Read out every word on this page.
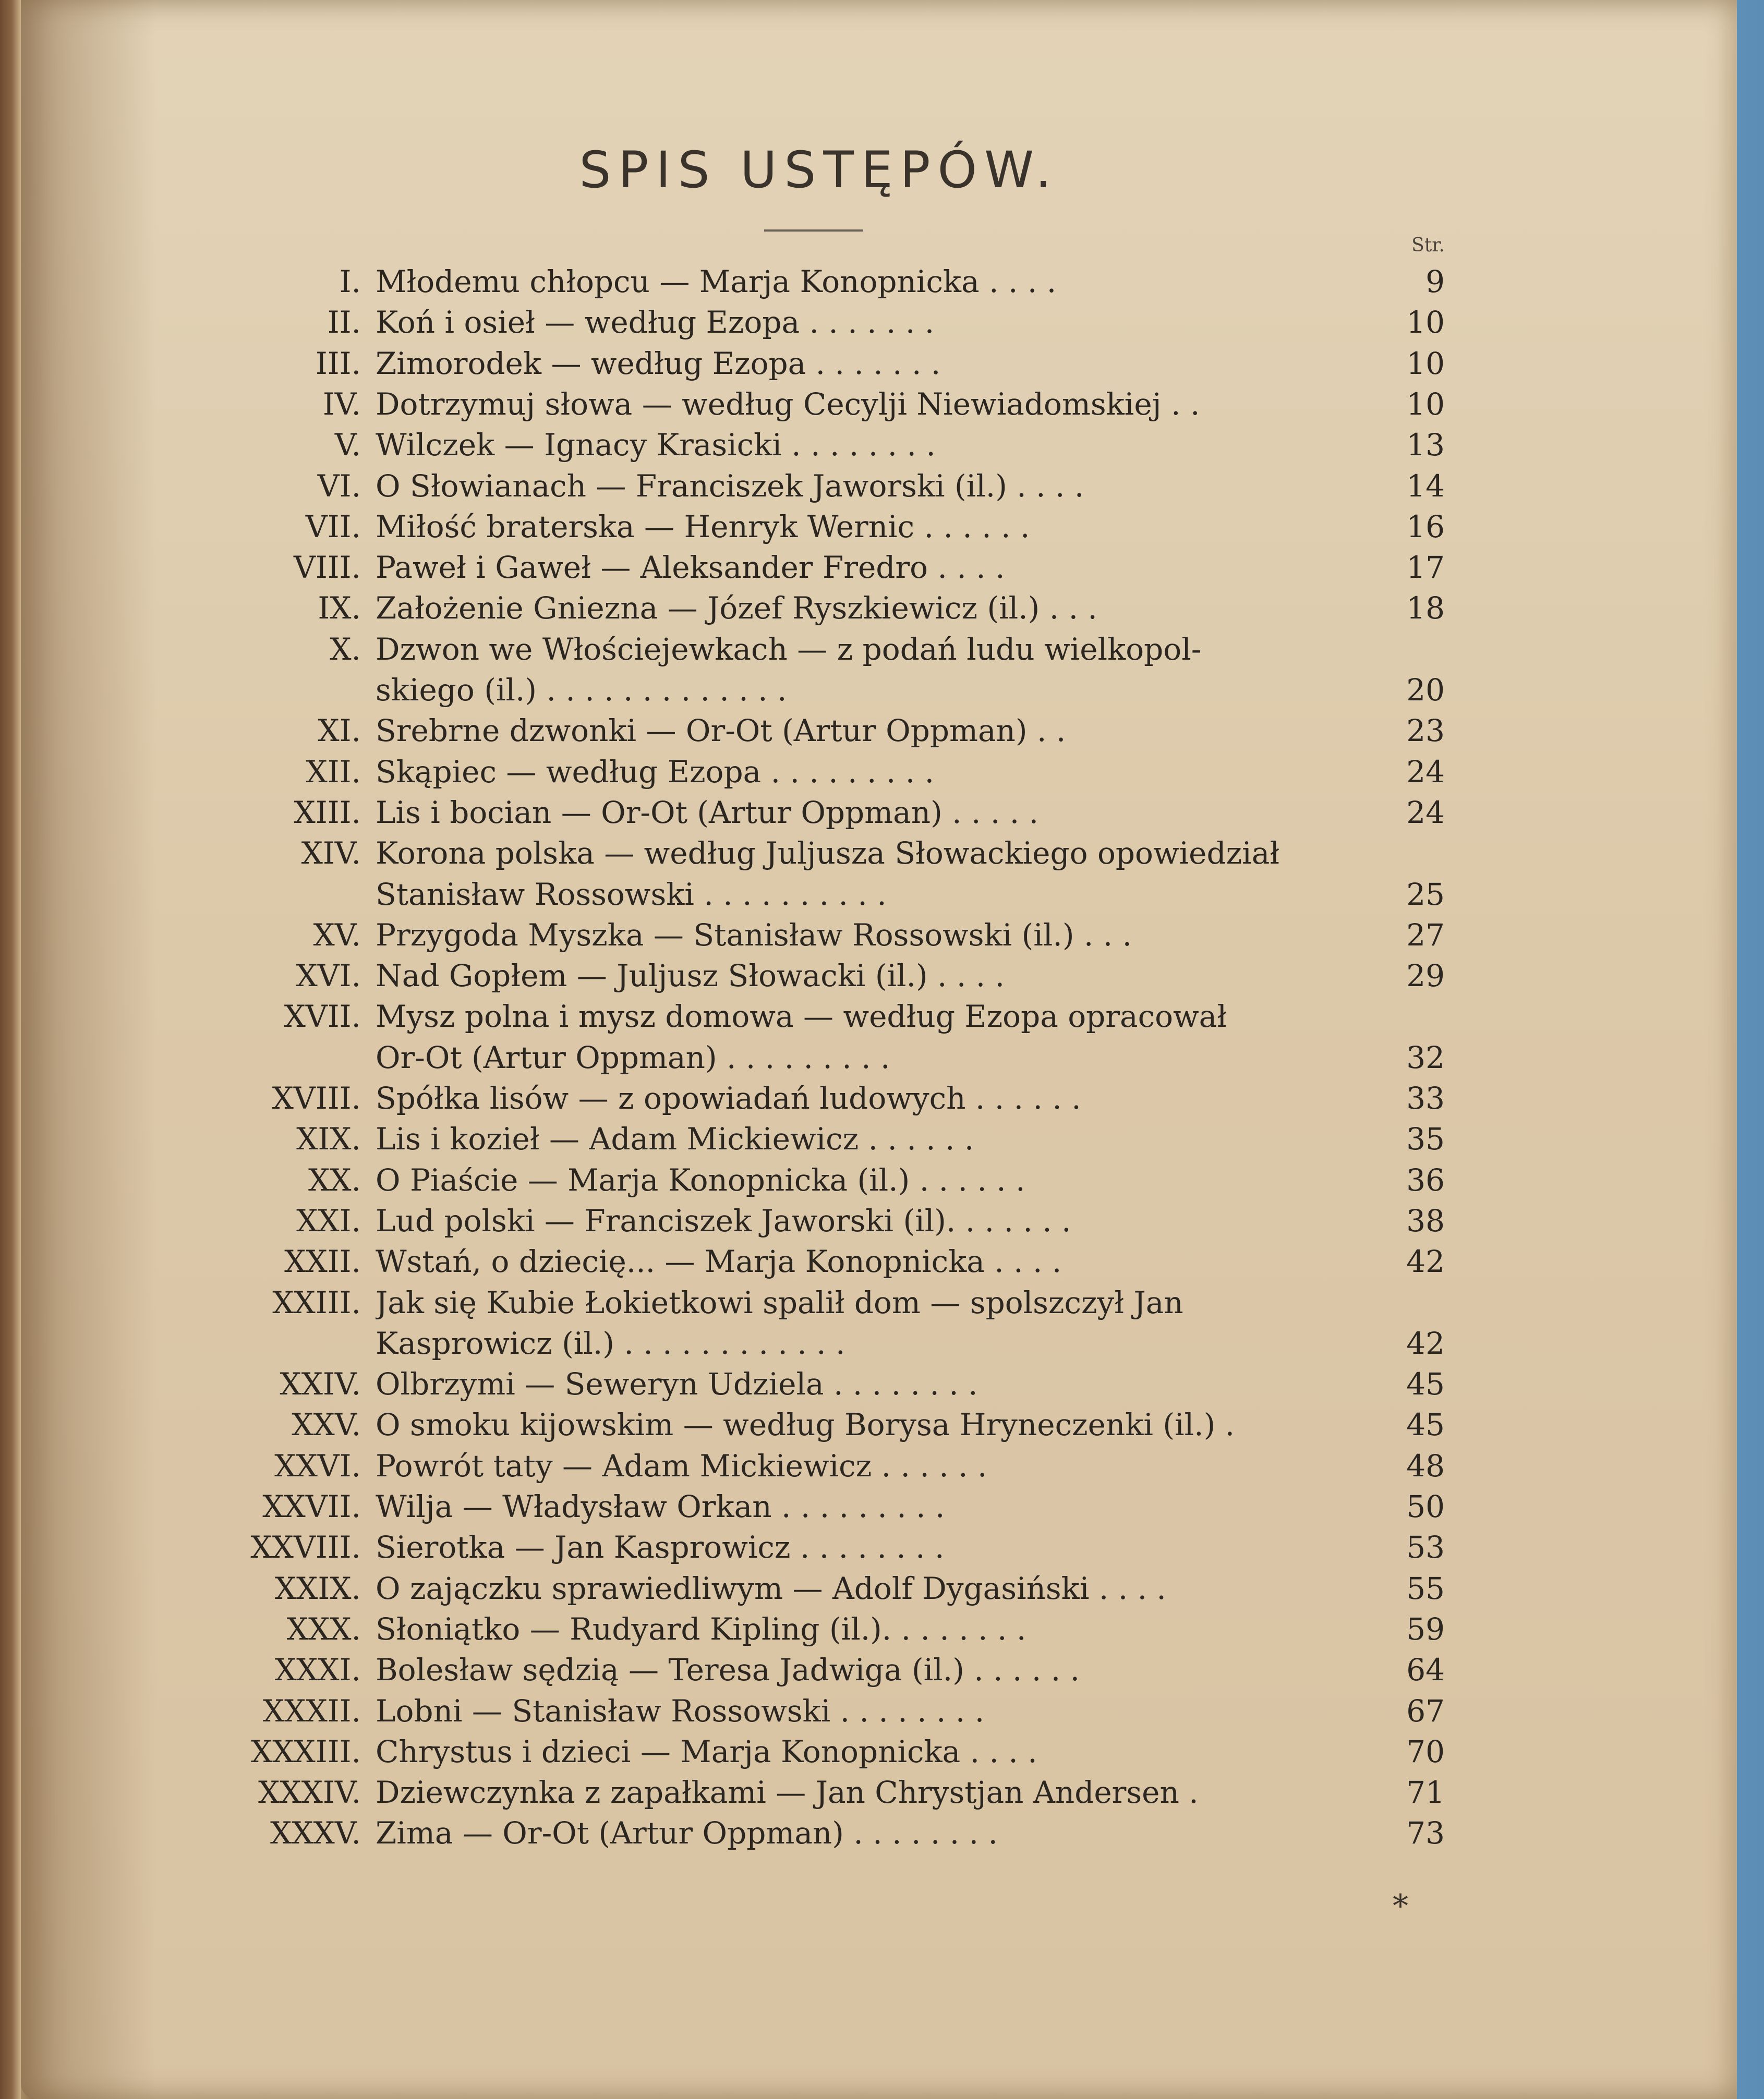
SPIS USTĘPÓW.
Str.
I. Młodemu chłopcu — Marja Konopnicka . . . .	9
II. Koń i osieł — według Ezopa . . . . . . .	10
III. Zimorodek — według Ezopa . . . . . . .	10
IV. Dotrzymuj słowa — według Cecylji Niewiadomskiej . .	10
V. Wilczek — Ignacy Krasicki . . . . . . . .	13
VI. O Słowianach — Franciszek Jaworski (il.) . . . .	14
VII. Miłość braterska — Henryk Wernic . . . . . .	16
VIII. Paweł i Gaweł — Aleksander Fredro . . . .	17
IX. Założenie Gniezna — Józef Ryszkiewicz (il.) . . .	18
X. Dzwon we Włościejewkach — z podań ludu wielkopol-
skiego (il.) . . . . . . . . . . . . .	20
XI. Srebrne dzwonki — Or-Ot (Artur Oppman) . .	23
XII. Skąpiec — według Ezopa . . . . . . . . .	24
XIII. Lis i bocian — Or-Ot (Artur Oppman) . . . . .	24
XIV. Korona polska — według Juljusza Słowackiego opowiedział
Stanisław Rossowski . . . . . . . . . .	25
XV. Przygoda Myszka — Stanisław Rossowski (il.) . . .	27
XVI. Nad Gopłem — Juljusz Słowacki (il.) . . . .	29
XVII. Mysz polna i mysz domowa — według Ezopa opracował
Or-Ot (Artur Oppman) . . . . . . . . .	32
XVIII. Spółka lisów — z opowiadań ludowych . . . . . .	33
XIX. Lis i kozieł — Adam Mickiewicz . . . . . .	35
XX. O Piaście — Marja Konopnicka (il.) . . . . . .	36
XXI. Lud polski — Franciszek Jaworski (il). . . . . . .	38
XXII. Wstań, o dziecię... — Marja Konopnicka . . . .	42
XXIII. Jak się Kubie Łokietkowi spalił dom — spolszczył Jan
Kasprowicz (il.) . . . . . . . . . . . .	42
XXIV. Olbrzymi — Seweryn Udziela . . . . . . . .	45
XXV. O smoku kijowskim — według Borysa Hryneczenki (il.) .	45
XXVI. Powrót taty — Adam Mickiewicz . . . . . .	48
XXVII. Wilja — Władysław Orkan . . . . . . . . .	50
XXVIII. Sierotka — Jan Kasprowicz . . . . . . . .	53
XXIX. O zajączku sprawiedliwym — Adolf Dygasiński . . . .	55
XXX. Słoniątko — Rudyard Kipling (il.). . . . . . . .	59
XXXI. Bolesław sędzią — Teresa Jadwiga (il.) . . . . . .	64
XXXII. Lobni — Stanisław Rossowski . . . . . . . .	67
XXXIII. Chrystus i dzieci — Marja Konopnicka . . . .	70
XXXIV. Dziewczynka z zapałkami — Jan Chrystjan Andersen .	71
XXXV. Zima — Or-Ot (Artur Oppman) . . . . . . . .	73
*
